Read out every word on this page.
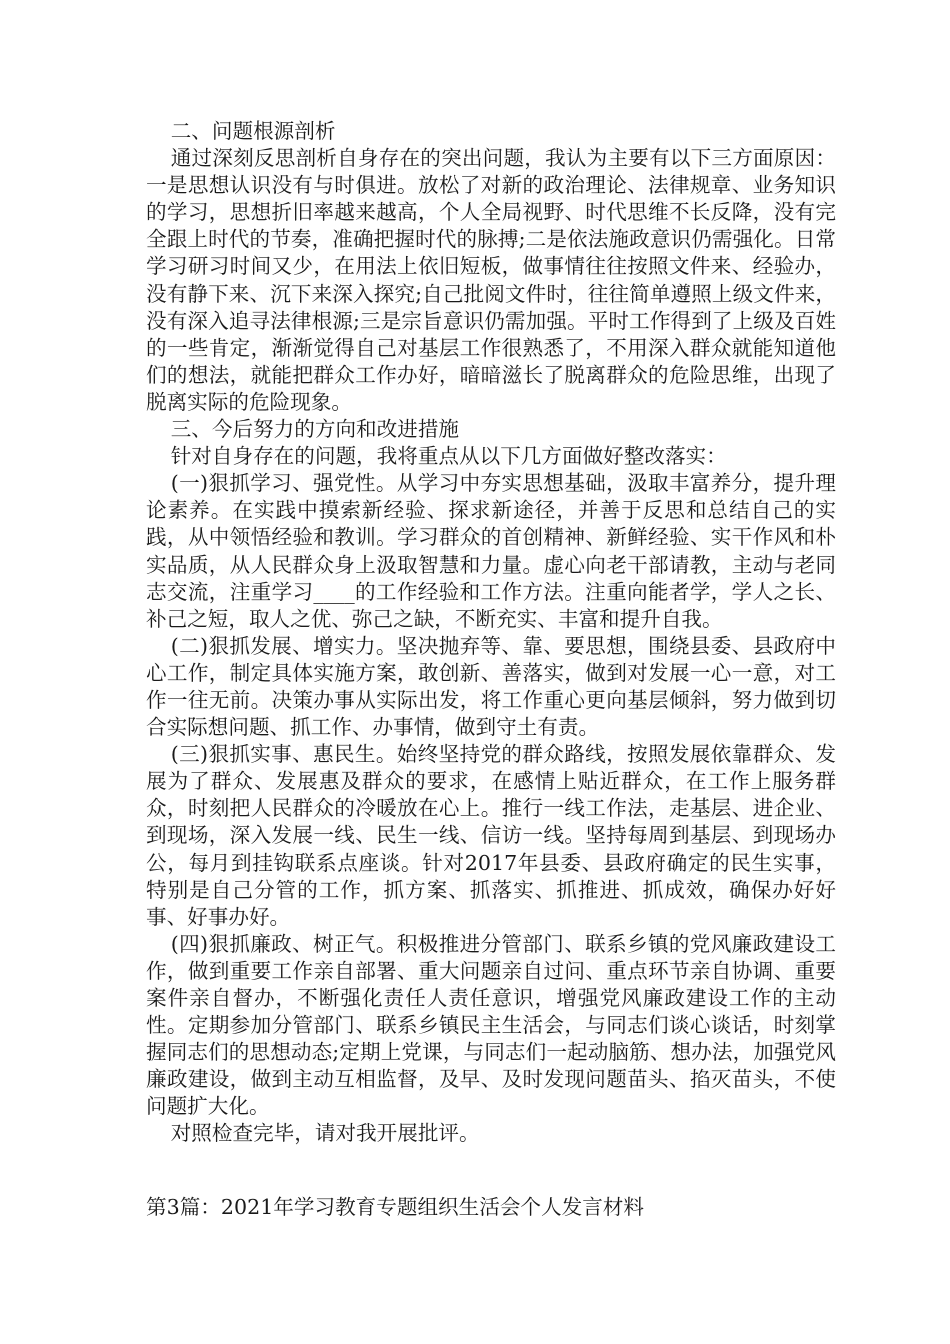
二、问题根源剖析

通过深刻反思剖析自身存在的突出问题，我认为主要有以下三方面原因：一是思想认识没有与时俱进。放松了对新的政治理论、法律规章、业务知识的学习，思想折旧率越来越高，个人全局视野、时代思维不长反降，没有完全跟上时代的节奏，准确把握时代的脉搏;二是依法施政意识仍需强化。日常学习研习时间又少，在用法上依旧短板，做事情往往按照文件来、经验办，没有静下来、沉下来深入探究;自己批阅文件时，往往简单遵照上级文件来，没有深入追寻法律根源;三是宗旨意识仍需加强。平时工作得到了上级及百姓的一些肯定，渐渐觉得自己对基层工作很熟悉了，不用深入群众就能知道他们的想法，就能把群众工作办好，暗暗滋长了脱离群众的危险思维，出现了脱离实际的危险现象。

三、今后努力的方向和改进措施

针对自身存在的问题，我将重点从以下几方面做好整改落实：

(一)狠抓学习、强党性。从学习中夯实思想基础，汲取丰富养分，提升理论素养。在实践中摸索新经验、探求新途径，并善于反思和总结自己的实践，从中领悟经验和教训。学习群众的首创精神、新鲜经验、实干作风和朴实品质，从人民群众身上汲取智慧和力量。虚心向老干部请教，主动与老同志交流，注重学习____的工作经验和工作方法。注重向能者学，学人之长、补己之短，取人之优、弥己之缺，不断充实、丰富和提升自我。

(二)狠抓发展、增实力。坚决抛弃等、靠、要思想，围绕县委、县政府中心工作，制定具体实施方案，敢创新、善落实，做到对发展一心一意，对工作一往无前。决策办事从实际出发，将工作重心更向基层倾斜，努力做到切合实际想问题、抓工作、办事情，做到守土有责。

(三)狠抓实事、惠民生。始终坚持党的群众路线，按照发展依靠群众、发展为了群众、发展惠及群众的要求，在感情上贴近群众，在工作上服务群众，时刻把人民群众的冷暖放在心上。推行一线工作法，走基层、进企业、到现场，深入发展一线、民生一线、信访一线。坚持每周到基层、到现场办公，每月到挂钩联系点座谈。针对2017年县委、县政府确定的民生实事，特别是自己分管的工作，抓方案、抓落实、抓推进、抓成效，确保办好好事、好事办好。

(四)狠抓廉政、树正气。积极推进分管部门、联系乡镇的党风廉政建设工作，做到重要工作亲自部署、重大问题亲自过问、重点环节亲自协调、重要案件亲自督办，不断强化责任人责任意识，增强党风廉政建设工作的主动性。定期参加分管部门、联系乡镇民主生活会，与同志们谈心谈话，时刻掌握同志们的思想动态;定期上党课，与同志们一起动脑筋、想办法，加强党风廉政建设，做到主动互相监督，及早、及时发现问题苗头、掐灭苗头，不使问题扩大化。

对照检查完毕，请对我开展批评。

第3篇：2021年学习教育专题组织生活会个人发言材料
